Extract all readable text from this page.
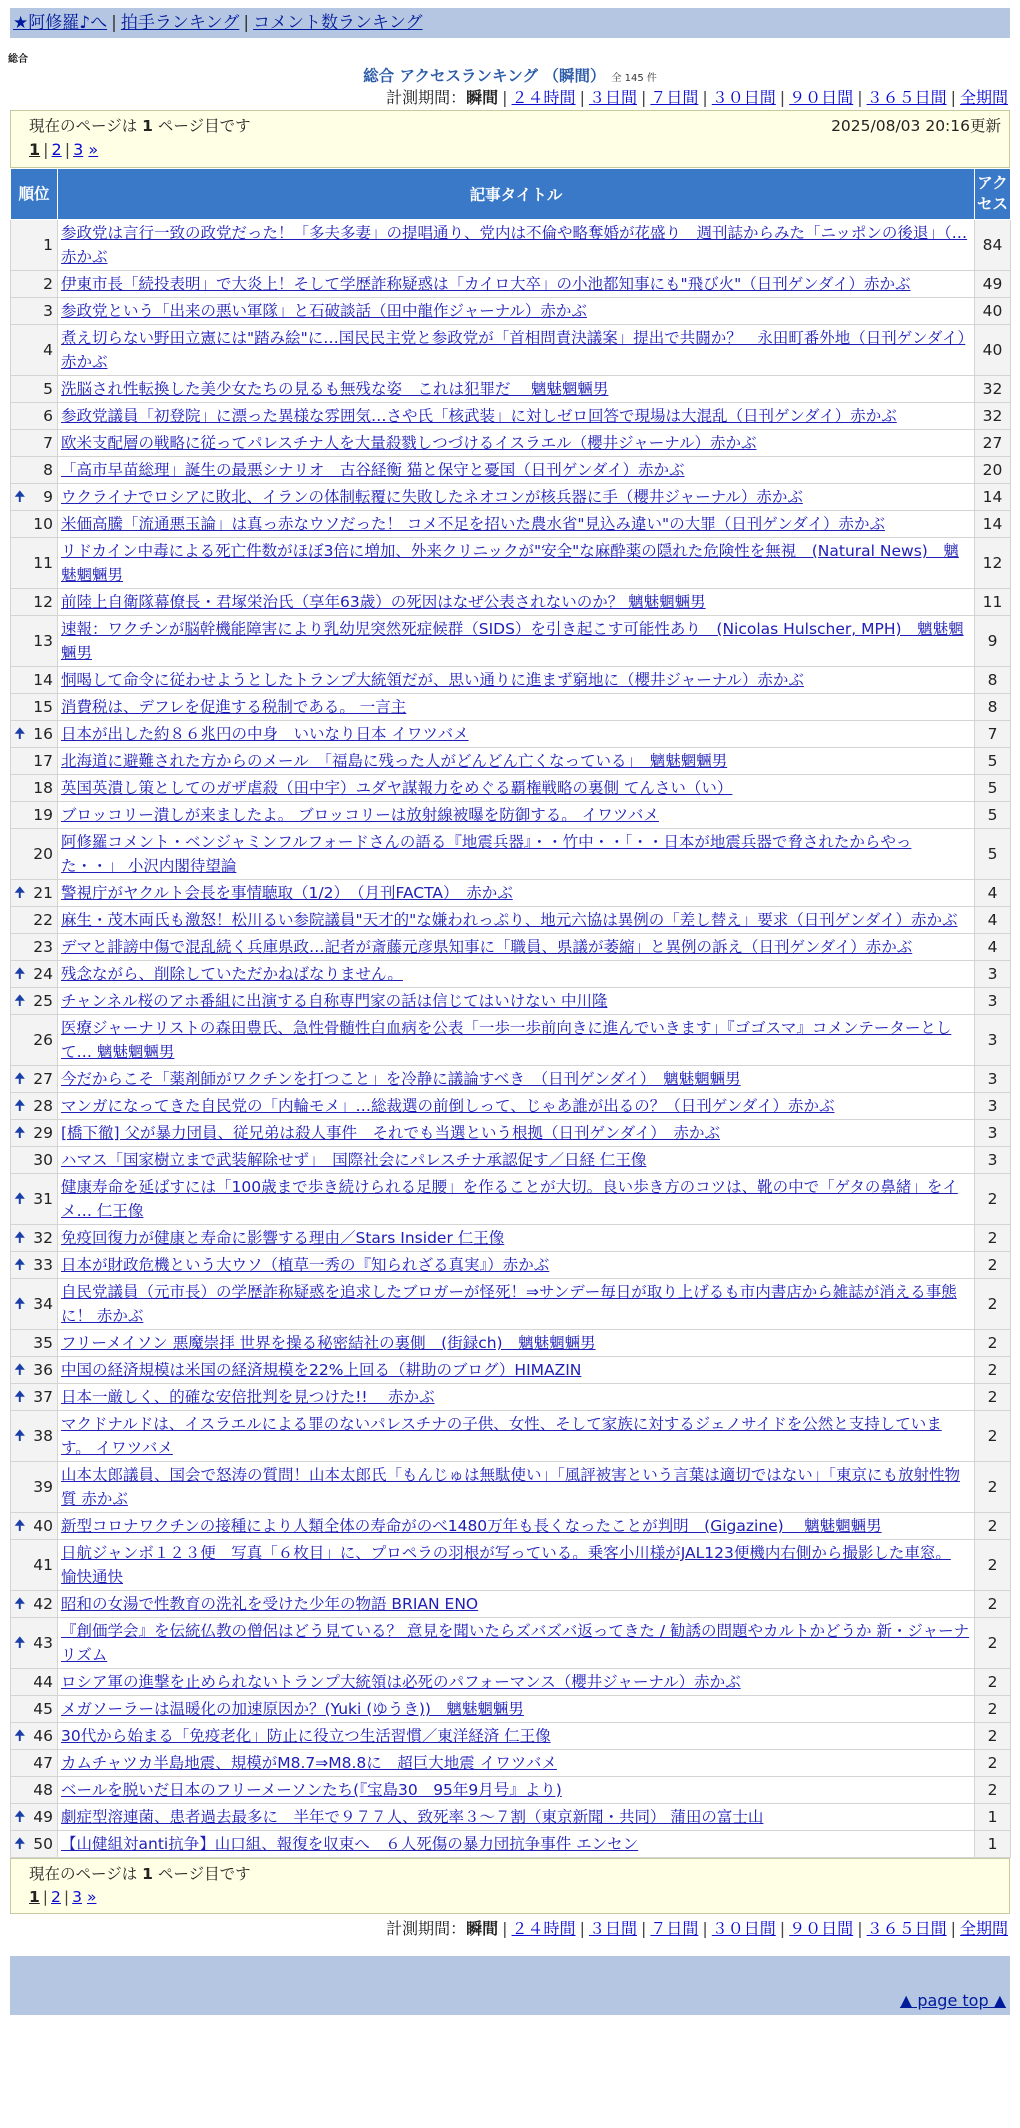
★阿修羅♪へ | 拍手ランキング | コメント数ランキング
総合
総合 アクセスランキング （瞬間） 全 145 件
計測期間：瞬間 | ２４時間 | ３日間 | ７日間 | ３０日間 | ９０日間 | ３６５日間 | 全期間
現在のページは 1 ページ目です	2025/08/03 20:16更新
1 | 2 | 3 »
順位	記事タイトル	アクセス
1	参政党は言行一致の政党だった！「多夫多妻」の提唱通り、党内は不倫や略奪婚が花盛り　週刊誌からみた「ニッポンの後退」（… 赤かぶ	84
2	伊東市長「続投表明」で大炎上！そして学歴詐称疑惑は「カイロ大卒」の小池都知事にも"飛び火"（日刊ゲンダイ）赤かぶ	49
3	参政党という「出来の悪い軍隊」と石破談話（田中龍作ジャーナル）赤かぶ	40
4	煮え切らない野田立憲には"踏み絵"に…国民民主党と参政党が「首相問責決議案」提出で共闘か？　永田町番外地（日刊ゲンダイ）赤かぶ	40
5	洗脳され性転換した美少女たちの見るも無残な姿　これは犯罪だ　 魑魅魍魎男	32
6	参政党議員「初登院」に漂った異様な雰囲気…さや氏「核武装」に対しゼロ回答で現場は大混乱（日刊ゲンダイ）赤かぶ	32
7	欧米支配層の戦略に従ってパレスチナ人を大量殺戮しつづけるイスラエル（櫻井ジャーナル）赤かぶ	27
8	「高市早苗総理」誕生の最悪シナリオ　古谷経衡 猫と保守と憂国（日刊ゲンダイ）赤かぶ	20

🠉 9	ウクライナでロシアに敗北、イランの体制転覆に失敗したネオコンが核兵器に手（櫻井ジャーナル）赤かぶ	14
10	米価高騰「流通悪玉論」は真っ赤なウソだった！ コメ不足を招いた農水省"見込み違い"の大罪（日刊ゲンダイ）赤かぶ	14
11	リドカイン中毒による死亡件数がほぼ3倍に増加、外来クリニックが"安全"な麻酔薬の隠れた危険性を無視　(Natural News)　魑魅魍魎男	12
12	前陸上自衛隊幕僚長・君塚栄治氏（享年63歳）の死因はなぜ公表されないのか？ 魑魅魍魎男	11
13	速報：ワクチンが脳幹機能障害により乳幼児突然死症候群（SIDS）を引き起こす可能性あり　(Nicolas Hulscher, MPH)　魑魅魍魎男	9
14	恫喝して命令に従わせようとしたトランプ大統領だが、思い通りに進まず窮地に（櫻井ジャーナル）赤かぶ	8
15	消費税は、デフレを促進する税制である。 一言主	8

🠉 16	日本が出した約８６兆円の中身　いいなり日本 イワツバメ	7
17	北海道に避難された方からのメール　「福島に残った人がどんどん亡くなっている」　魑魅魍魎男	5
18	英国英潰し策としてのガザ虐殺（田中宇）ユダヤ謀報力をめぐる覇権戦略の裏側 てんさい（い）	5
19	ブロッコリー潰しが来ましたよ。 ブロッコリーは放射線被曝を防御する。 イワツバメ	5
20	阿修羅コメント・ベンジャミンフルフォードさんの語る『地震兵器』・・竹中・・「・・日本が地震兵器で脅されたからやった・・」 小沢内閣待望論	5

🠉 21	警視庁がヤクルト会長を事情聴取（1/2）　（月刊FACTA）　赤かぶ	4
22	麻生・茂木両氏も激怒！松川るい参院議員"天才的"な嫌われっぷり、地元六協は異例の「差し替え」要求（日刊ゲンダイ）赤かぶ	4
23	デマと誹謗中傷で混乱続く兵庫県政…記者が斎藤元彦県知事に「職員、県議が萎縮」と異例の訴え（日刊ゲンダイ）赤かぶ	4

🠉 24	残念ながら、削除していただかねばなりません。	3

🠉 25	チャンネル桜のアホ番組に出演する自称専門家の話は信じてはいけない 中川隆	3
26	医療ジャーナリストの森田豊氏、急性骨髄性白血病を公表「一歩一歩前向きに進んでいきます」『ゴゴスマ』コメンテーターとして… 魑魅魍魎男	3

🠉 27	今だからこそ「薬剤師がワクチンを打つこと」を冷静に議論すべき　（日刊ゲンダイ）　魑魅魍魎男	3

🠉 28	マンガになってきた自民党の「内輪モメ」…総裁選の前倒しって、じゃあ誰が出るの？（日刊ゲンダイ）赤かぶ	3

🠉 29	[橋下徹] 父が暴力団員、従兄弟は殺人事件　それでも当選という根拠（日刊ゲンダイ）　赤かぶ	3
30	ハマス「国家樹立まで武装解除せず」　国際社会にパレスチナ承認促す／日経 仁王像	3

🠉 31	健康寿命を延ばすには「100歳まで歩き続けられる足腰」を作ることが大切。良い歩き方のコツは、靴の中で「ゲタの鼻緒」をイメ… 仁王像	2

🠉 32	免疫回復力が健康と寿命に影響する理由／Stars Insider 仁王像	2

🠉 33	日本が財政危機という大ウソ（植草一秀の『知られざる真実』）赤かぶ	2

🠉 34	自民党議員（元市長）の学歴詐称疑惑を追求したブロガーが怪死！⇒サンデー毎日が取り上げるも市内書店から雑誌が消える事態に！ 赤かぶ	2
35	フリーメイソン 悪魔崇拝 世界を操る秘密結社の裏側　(街録ch)　魑魅魍魎男	2

🠉 36	中国の経済規模は米国の経済規模を22%上回る（耕助のブログ）HIMAZIN	2

🠉 37	日本一厳しく、的確な安倍批判を見つけた!!　 赤かぶ	2

🠉 38	マクドナルドは、イスラエルによる罪のないパレスチナの子供、女性、そして家族に対するジェノサイドを公然と支持しています。 イワツバメ	2
39	山本太郎議員、国会で怒涛の質問！山本太郎氏「もんじゅは無駄使い」「風評被害という言葉は適切ではない」「東京にも放射性物質 赤かぶ	2

🠉 40	新型コロナワクチンの接種により人類全体の寿命がのべ1480万年も長くなったことが判明　(Gigazine)　 魑魅魍魎男	2
41	日航ジャンボ１２３便　写真「６枚目」に、プロペラの羽根が写っている。乗客小川様がJAL123便機内右側から撮影した車窓。 愉快通快	2

🠉 42	昭和の女湯で性教育の洗礼を受けた少年の物語 BRIAN ENO	2

🠉 43	『創価学会』を伝統仏教の僧侶はどう見ている？ 意見を聞いたらズバズバ返ってきた / 勧誘の問題やカルトかどうか 新・ジャーナリズム	2
44	ロシア軍の進撃を止められないトランプ大統領は必死のパフォーマンス（櫻井ジャーナル）赤かぶ	2
45	メガソーラーは温暖化の加速原因か？(Yuki (ゆうき))　魑魅魍魎男	2

🠉 46	30代から始まる「免疫老化」防止に役立つ生活習慣／東洋経済 仁王像	2
47	カムチャツカ半島地震、規模がM8.7⇒M8.8に　超巨大地震 イワツバメ	2
48	ベールを脱いだ日本のフリーメーソンたち(『宝島30　95年9月号』より)	2

🠉 49	劇症型溶連菌、患者過去最多に　半年で９７７人、致死率３～７割（東京新聞・共同） 蒲田の富士山	1

🠉 50	【山健組対anti抗争】山口組、報復を収束へ　６人死傷の暴力団抗争事件 エンセン	1
現在のページは 1 ページ目です
1 | 2 | 3 »
計測期間：瞬間 | ２４時間 | ３日間 | ７日間 | ３０日間 | ９０日間 | ３６５日間 | 全期間
▲ page top ▲
